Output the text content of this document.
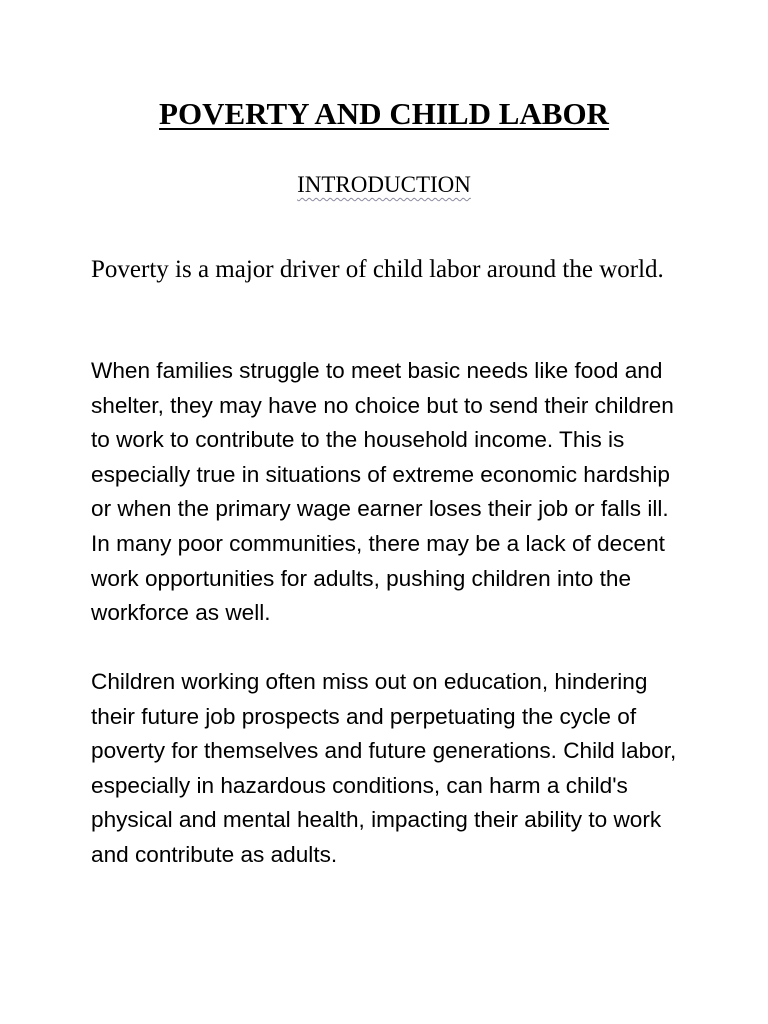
POVERTY AND CHILD LABOR
INTRODUCTION
Poverty is a major driver of child labor around the world.
When families struggle to meet basic needs like food and shelter, they may have no choice but to send their children to work to contribute to the household income. This is especially true in situations of extreme economic hardship or when the primary wage earner loses their job or falls ill. In many poor communities, there may be a lack of decent work opportunities for adults, pushing children into the workforce as well.
Children working often miss out on education, hindering their future job prospects and perpetuating the cycle of poverty for themselves and future generations. Child labor, especially in hazardous conditions, can harm a child's physical and mental health, impacting their ability to work and contribute as adults.
